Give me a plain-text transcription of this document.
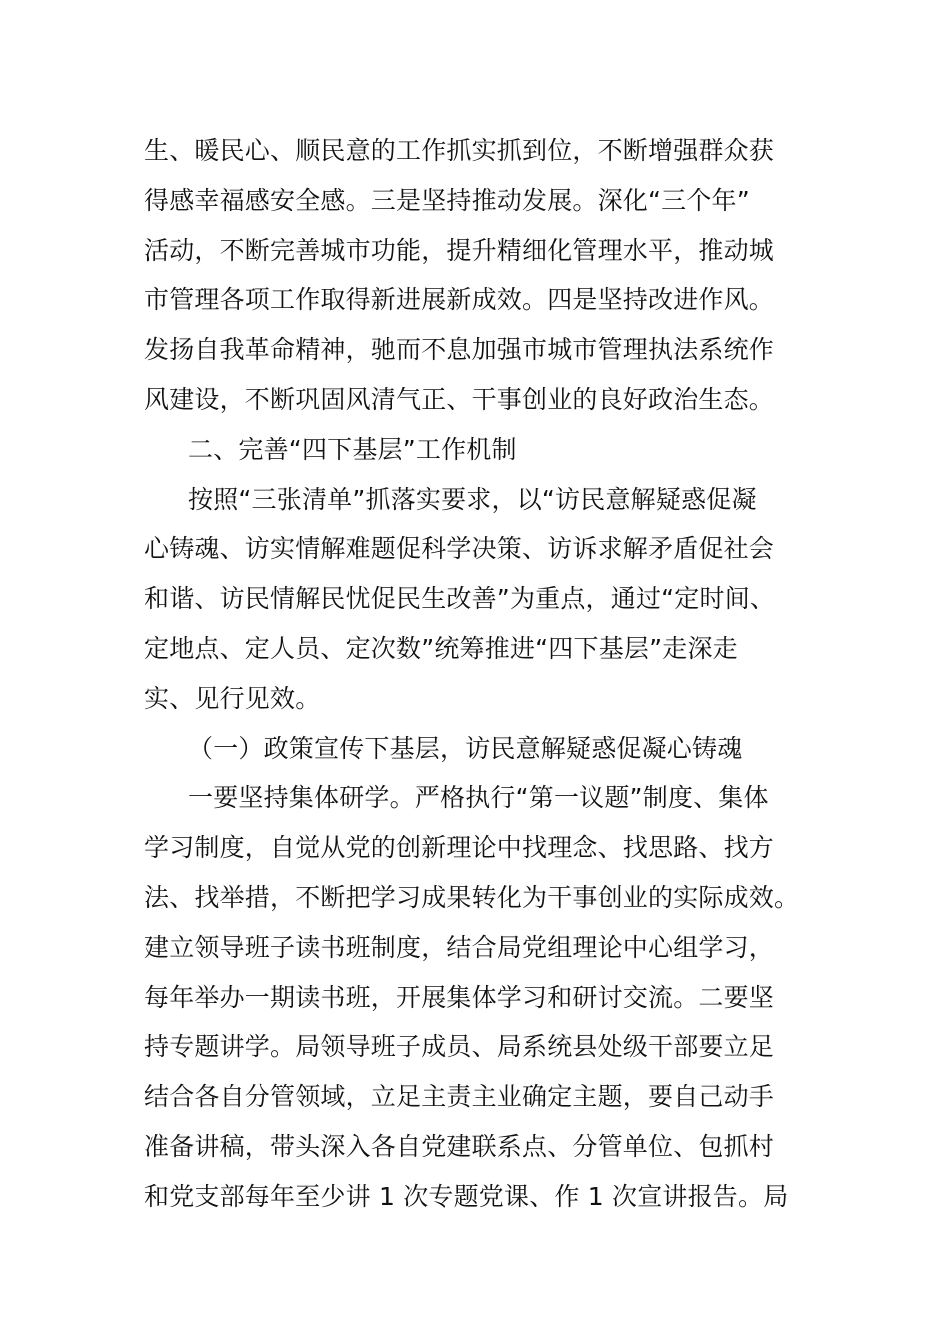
生、暖民心、顺民意的工作抓实抓到位，不断增强群众获
得感幸福感安全感。三是坚持推动发展。深化“三个年”
活动，不断完善城市功能，提升精细化管理水平，推动城
市管理各项工作取得新进展新成效。四是坚持改进作风。
发扬自我革命精神，驰而不息加强市城市管理执法系统作
风建设，不断巩固风清气正、干事创业的良好政治生态。
二、完善“四下基层”工作机制
按照“三张清单”抓落实要求，以“访民意解疑惑促凝
心铸魂、访实情解难题促科学决策、访诉求解矛盾促社会
和谐、访民情解民忧促民生改善”为重点，通过“定时间、
定地点、定人员、定次数”统筹推进“四下基层”走深走
实、见行见效。
（一）政策宣传下基层，访民意解疑惑促凝心铸魂
一要坚持集体研学。严格执行“第一议题”制度、集体
学习制度，自觉从党的创新理论中找理念、找思路、找方
法、找举措，不断把学习成果转化为干事创业的实际成效。
建立领导班子读书班制度，结合局党组理论中心组学习，
每年举办一期读书班，开展集体学习和研讨交流。二要坚
持专题讲学。局领导班子成员、局系统县处级干部要立足
结合各自分管领域，立足主责主业确定主题，要自己动手
准备讲稿，带头深入各自党建联系点、分管单位、包抓村
和党支部每年至少讲 1 次专题党课、作 1 次宣讲报告。局
